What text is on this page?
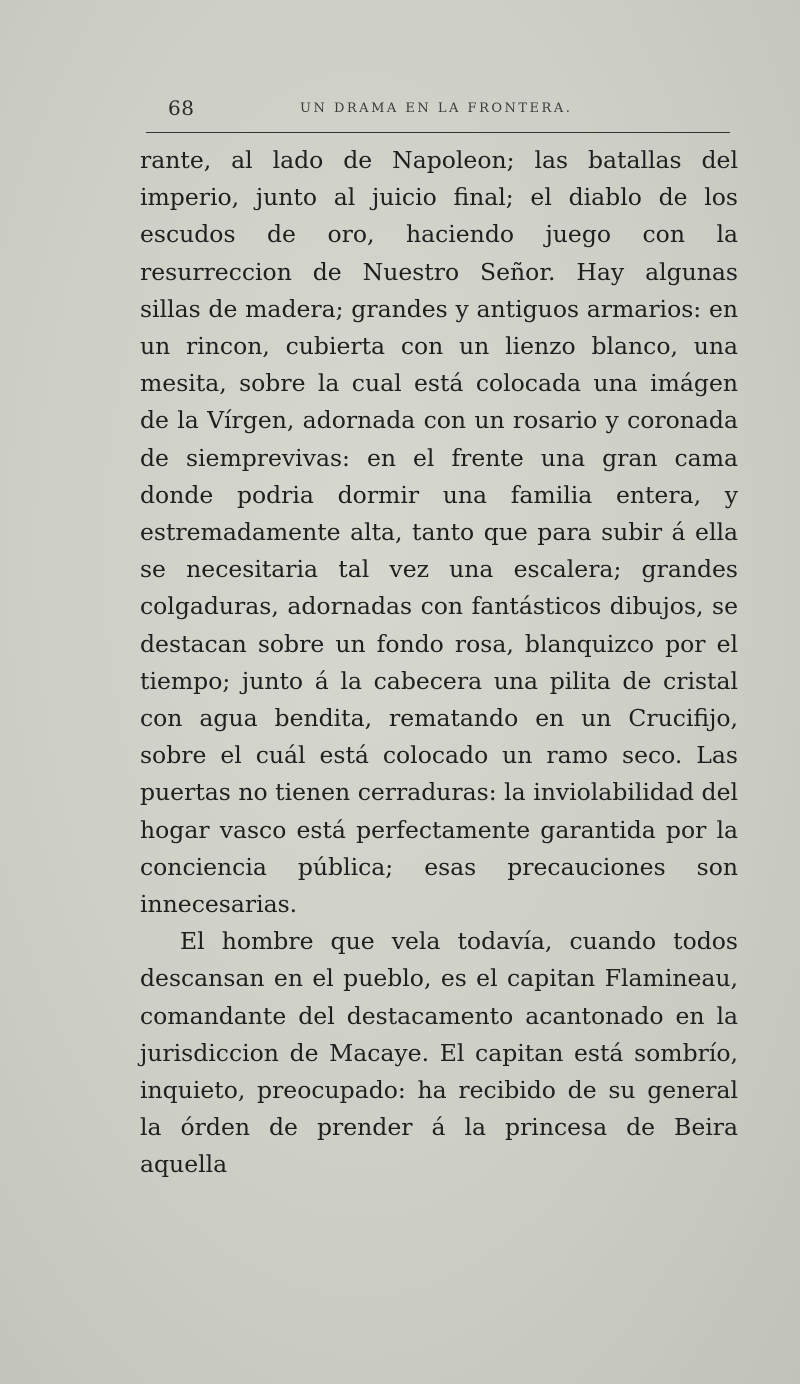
68	UN DRAMA EN LA FRONTERA.

rante, al lado de Napoleon; las batallas del imperio, junto al juicio final; el diablo de los escudos de oro, haciendo juego con la resurreccion de Nuestro Señor. Hay algunas sillas de madera; grandes y antiguos armarios: en un rincon, cubierta con un lienzo blanco, una mesita, sobre la cual está colocada una imágen de la Vírgen, adornada con un rosario y coronada de siemprevivas: en el frente una gran cama donde podria dormir una familia entera, y estremadamente alta, tanto que para subir á ella se necesitaria tal vez una escalera; grandes colgaduras, adornadas con fantásticos dibujos, se destacan sobre un fondo rosa, blanquizco por el tiempo; junto á la cabecera una pilita de cristal con agua bendita, rematando en un Crucifijo, sobre el cuál está colocado un ramo seco. Las puertas no tienen cerraduras: la inviolabilidad del hogar vasco está perfectamente garantida por la conciencia pública; esas precauciones son innecesarias.

El hombre que vela todavía, cuando todos descansan en el pueblo, es el capitan Flamineau, comandante del destacamento acantonado en la jurisdiccion de Macaye. El capitan está sombrío, inquieto, preocupado: ha recibido de su general la órden de prender á la princesa de Beira aquella
